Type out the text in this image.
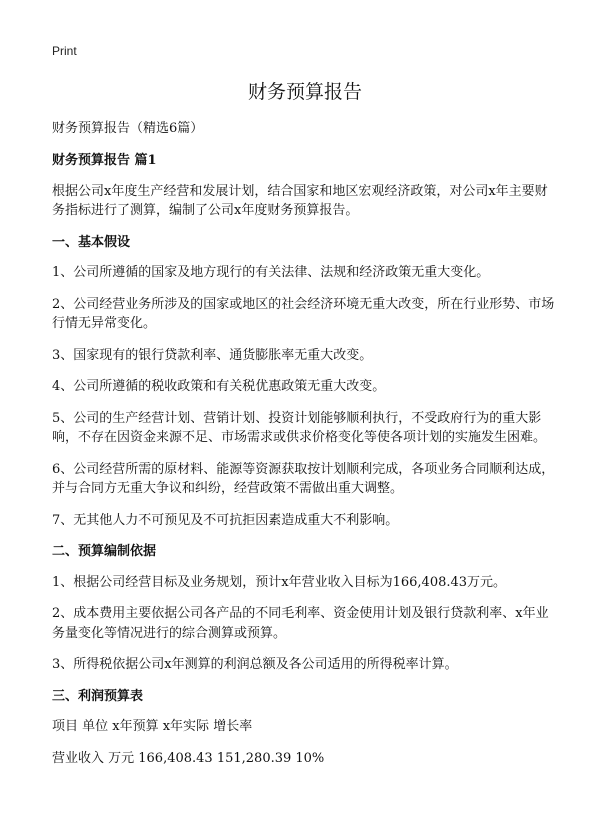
Print
财务预算报告
财务预算报告（精选6篇）
财务预算报告 篇1

根据公司x年度生产经营和发展计划，结合国家和地区宏观经济政策，对公司x年主要财务指标进行了测算，编制了公司x年度财务预算报告。

一、基本假设

1、公司所遵循的国家及地方现行的有关法律、法规和经济政策无重大变化。

2、公司经营业务所涉及的国家或地区的社会经济环境无重大改变，所在行业形势、市场行情无异常变化。

3、国家现有的银行贷款利率、通货膨胀率无重大改变。

4、公司所遵循的税收政策和有关税优惠政策无重大改变。

5、公司的生产经营计划、营销计划、投资计划能够顺利执行，不受政府行为的重大影响，不存在因资金来源不足、市场需求或供求价格变化等使各项计划的实施发生困难。

6、公司经营所需的原材料、能源等资源获取按计划顺利完成，各项业务合同顺利达成，并与合同方无重大争议和纠纷，经营政策不需做出重大调整。

7、无其他人力不可预见及不可抗拒因素造成重大不利影响。

二、预算编制依据

1、根据公司经营目标及业务规划，预计x年营业收入目标为166,408.43万元。

2、成本费用主要依据公司各产品的不同毛利率、资金使用计划及银行贷款利率、x年业务量变化等情况进行的综合测算或预算。

3、所得税依据公司x年测算的利润总额及各公司适用的所得税率计算。

三、利润预算表
项目 单位 x年预算 x年实际 增长率
营业收入 万元 166,408.43 151,280.39 10%
